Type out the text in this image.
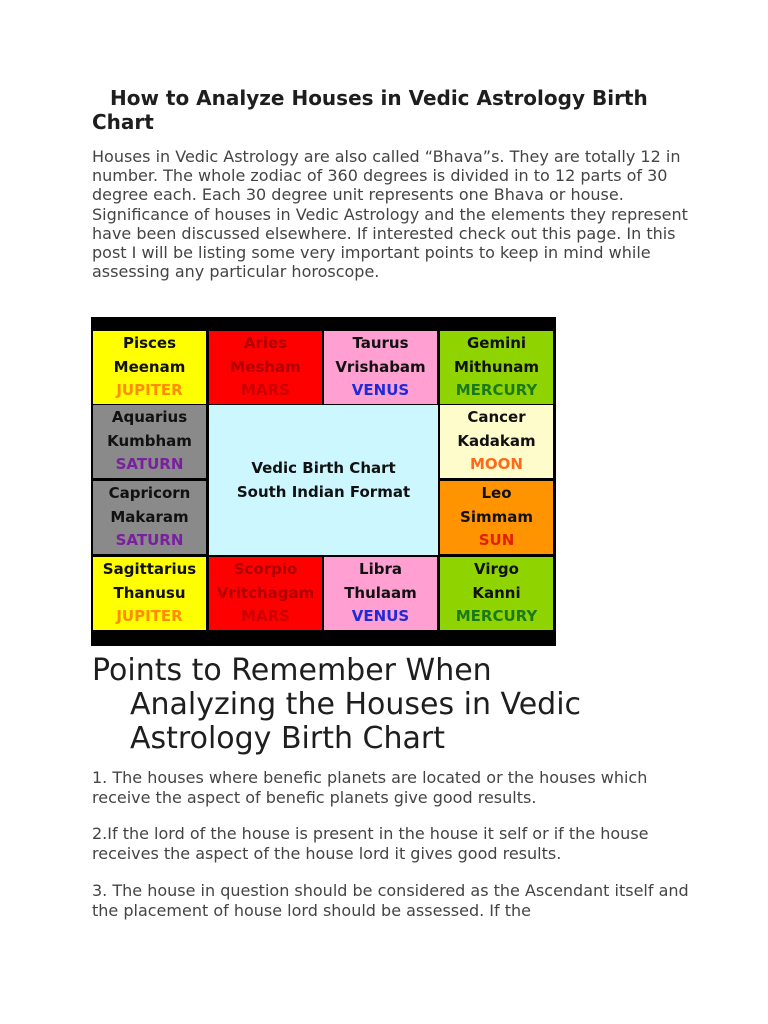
How to Analyze Houses in Vedic Astrology Birth Chart

Houses in Vedic Astrology are also called “Bhava”s. They are totally 12 in number. The whole zodiac of 360 degrees is divided in to 12 parts of 30 degree each. Each 30 degree unit represents one Bhava or house. Significance of houses in Vedic Astrology and the elements they represent have been discussed elsewhere. If interested check out this page. In this post I will be listing some very important points to keep in mind while assessing any particular horoscope.

Vedic Birth Chart
South Indian Format
Pisces
Meenam
JUPITER
Aries
Mesham
MARS
Taurus
Vrishabam
VENUS
Gemini
Mithunam
MERCURY
Aquarius
Kumbham
SATURN
Cancer
Kadakam
MOON
Capricorn
Makaram
SATURN
Leo
Simmam
SUN
Sagittarius
Thanusu
JUPITER
Scorpio
Vritchagam
MARS
Libra
Thulaam
VENUS
Virgo
Kanni
MERCURY
Points to Remember When
Analyzing the Houses in Vedic
Astrology Birth Chart

1. The houses where benefic planets are located or the houses which receive the aspect of benefic planets give good results.

2.If the lord of the house is present in the house it self or if the house receives the aspect of the house lord it gives good results.

3. The house in question should be considered as the Ascendant itself and the placement of house lord should be assessed. If the
